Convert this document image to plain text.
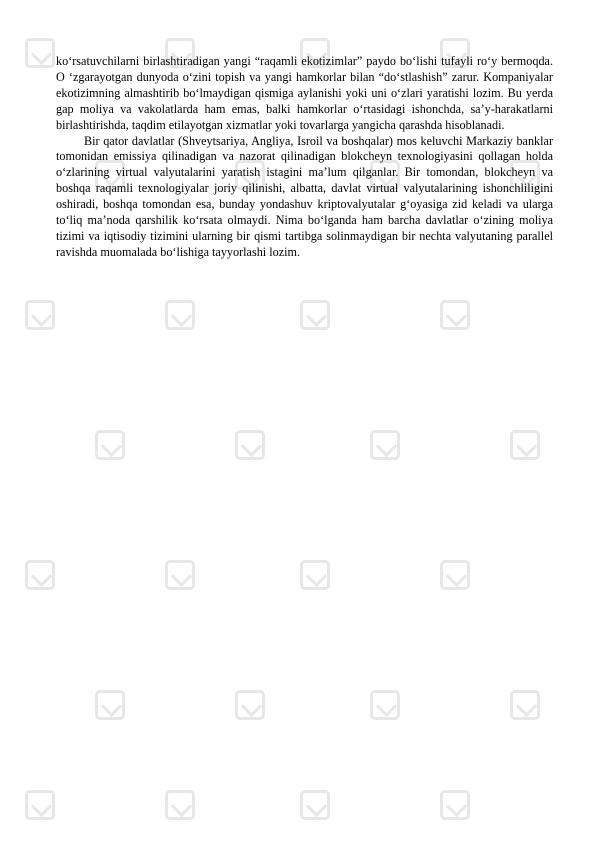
ko‘rsatuvchilarni birlashtiradigan yangi “raqamli ekotizimlar” paydo bo‘lishi tufayli ro‘y bermoqda. O ‘zgarayotgan dunyoda o‘zini topish va yangi hamkorlar bilan “do‘stlashish” zarur. Kompaniyalar ekotizimning almashtirib bo‘lmaydigan qismiga aylanishi yoki uni o‘zlari yaratishi lozim. Bu yerda gap moliya va vakolatlarda ham emas, balki hamkorlar o‘rtasidagi ishonchda, sa’y-harakatlarni birlashtirishda, taqdim etilayotgan xizmatlar yoki tovarlarga yangicha qarashda hisoblanadi.

Bir qator davlatlar (Shveytsariya, Angliya, Isroil va boshqalar) mos keluvchi Markaziy banklar tomonidan emissiya qilinadigan va nazorat qilinadigan blokcheyn texnologiyasini qollagan holda o‘zlarining virtual valyutalarini yaratish istagini ma’lum qilganlar. Bir tomondan, blokcheyn va boshqa raqamli texnologiyalar joriy qilinishi, albatta, davlat virtual valyutalarining ishonchliligini oshiradi, boshqa tomondan esa, bunday yondashuv kriptovalyutalar g‘oyasiga zid keladi va ularga to‘liq ma’noda qarshilik ko‘rsata olmaydi. Nima bo‘lganda ham barcha davlatlar o‘zining moliya tizimi va iqtisodiy tizimini ularning bir qismi tartibga solinmaydigan bir nechta valyutaning parallel ravishda muomalada bo‘lishiga tayyorlashi lozim.
